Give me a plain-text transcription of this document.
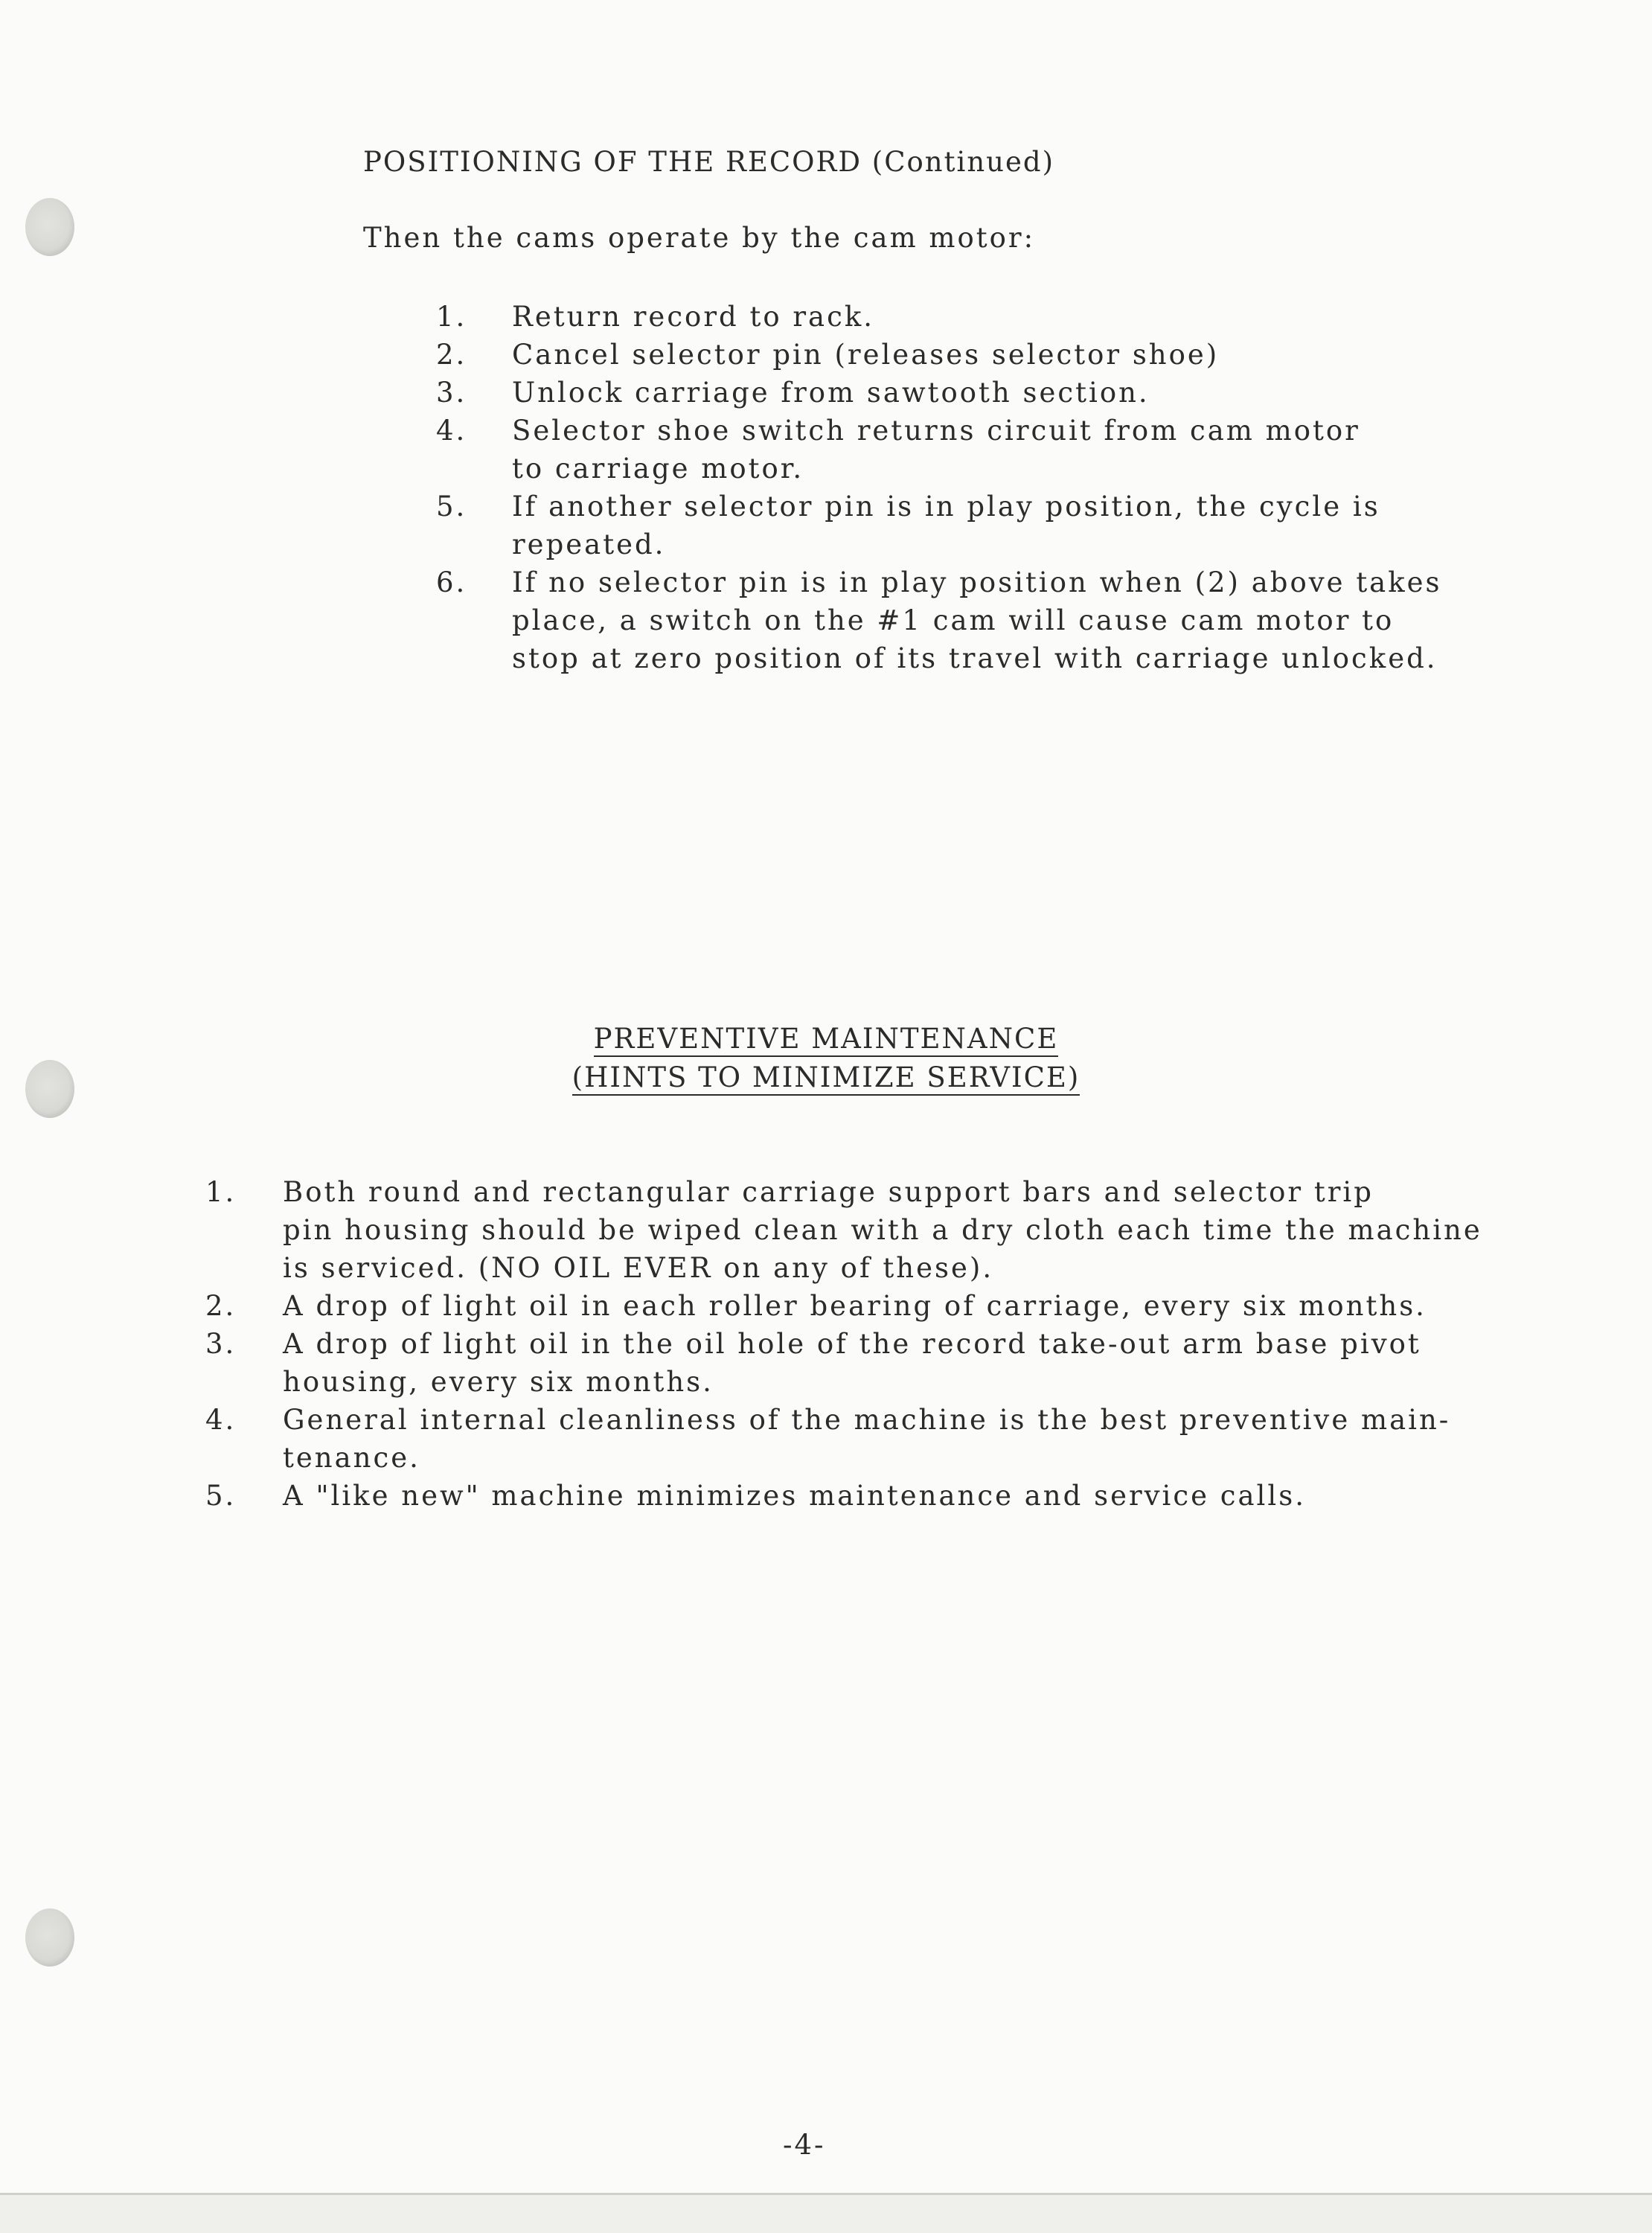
POSITIONING OF THE RECORD (Continued)
Then the cams operate by the cam motor:
1. Return record to rack.
2. Cancel selector pin (releases selector shoe)
3. Unlock carriage from sawtooth section.
4. Selector shoe switch returns circuit from cam motor
to carriage motor.
5. If another selector pin is in play position, the cycle is
repeated.
6. If no selector pin is in play position when (2) above takes
place, a switch on the #1 cam will cause cam motor to
stop at zero position of its travel with carriage unlocked.
PREVENTIVE MAINTENANCE
(HINTS TO MINIMIZE SERVICE)
1. Both round and rectangular carriage support bars and selector trip
pin housing should be wiped clean with a dry cloth each time the machine
is serviced. (NO OIL EVER on any of these).
2. A drop of light oil in each roller bearing of carriage, every six months.
3. A drop of light oil in the oil hole of the record take-out arm base pivot
housing, every six months.
4. General internal cleanliness of the machine is the best preventive main-
tenance.
5. A "like new" machine minimizes maintenance and service calls.
-4-
